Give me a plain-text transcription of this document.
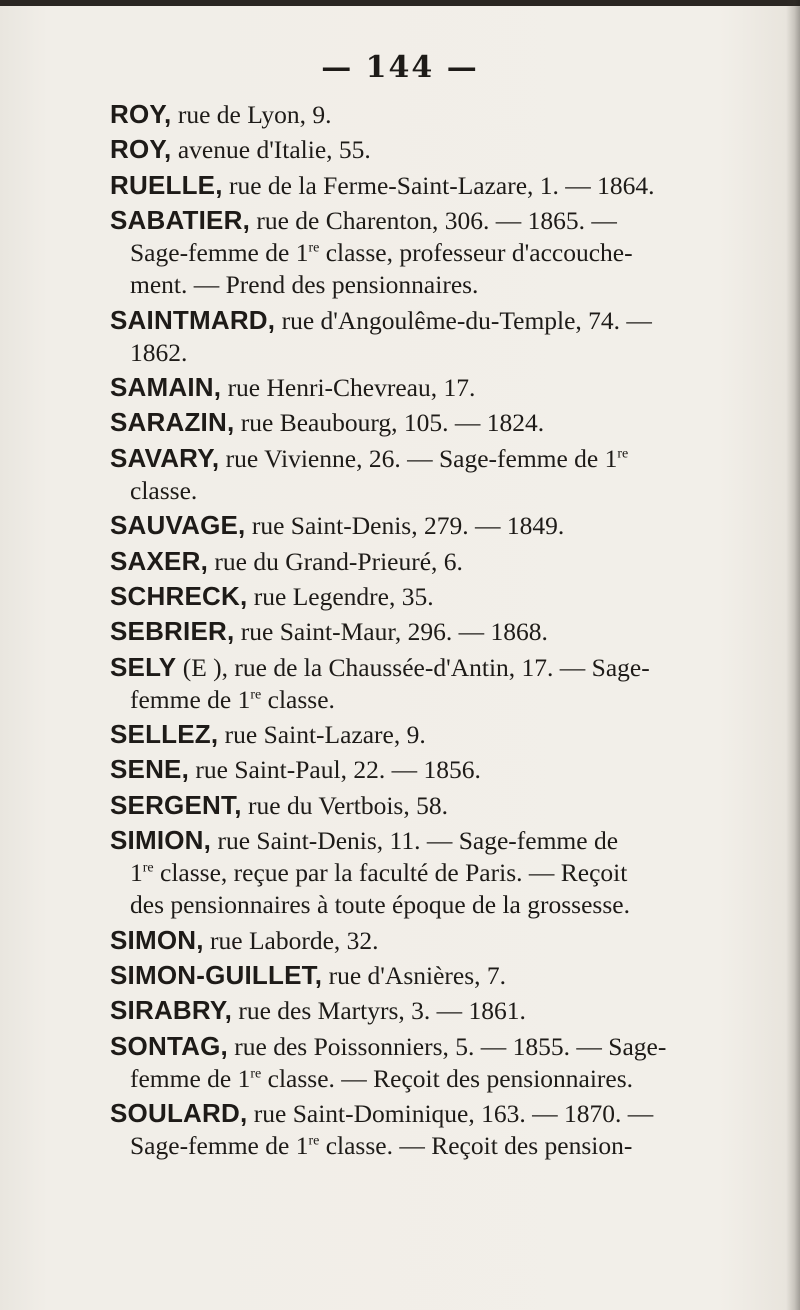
— 144 —
ROY, rue de Lyon, 9.
ROY, avenue d'Italie, 55.
RUELLE, rue de la Ferme-Saint-Lazare, 1. — 1864.
SABATIER, rue de Charenton, 306. — 1865. —
Sage-femme de 1re classe, professeur d'accouche-
ment. — Prend des pensionnaires.
SAINTMARD, rue d'Angoulême-du-Temple, 74. —
1862.
SAMAIN, rue Henri-Chevreau, 17.
SARAZIN, rue Beaubourg, 105. — 1824.
SAVARY, rue Vivienne, 26. — Sage-femme de 1re
classe.
SAUVAGE, rue Saint-Denis, 279. — 1849.
SAXER, rue du Grand-Prieuré, 6.
SCHRECK, rue Legendre, 35.
SEBRIER, rue Saint-Maur, 296. — 1868.
SELY (E ), rue de la Chaussée-d'Antin, 17. — Sage-
femme de 1re classe.
SELLEZ, rue Saint-Lazare, 9.
SENE, rue Saint-Paul, 22. — 1856.
SERGENT, rue du Vertbois, 58.
SIMION, rue Saint-Denis, 11. — Sage-femme de
1re classe, reçue par la faculté de Paris. — Reçoit
des pensionnaires à toute époque de la grossesse.
SIMON, rue Laborde, 32.
SIMON-GUILLET, rue d'Asnières, 7.
SIRABRY, rue des Martyrs, 3. — 1861.
SONTAG, rue des Poissonniers, 5. — 1855. — Sage-
femme de 1re classe. — Reçoit des pensionnaires.
SOULARD, rue Saint-Dominique, 163. — 1870. —
Sage-femme de 1re classe. — Reçoit des pension-
